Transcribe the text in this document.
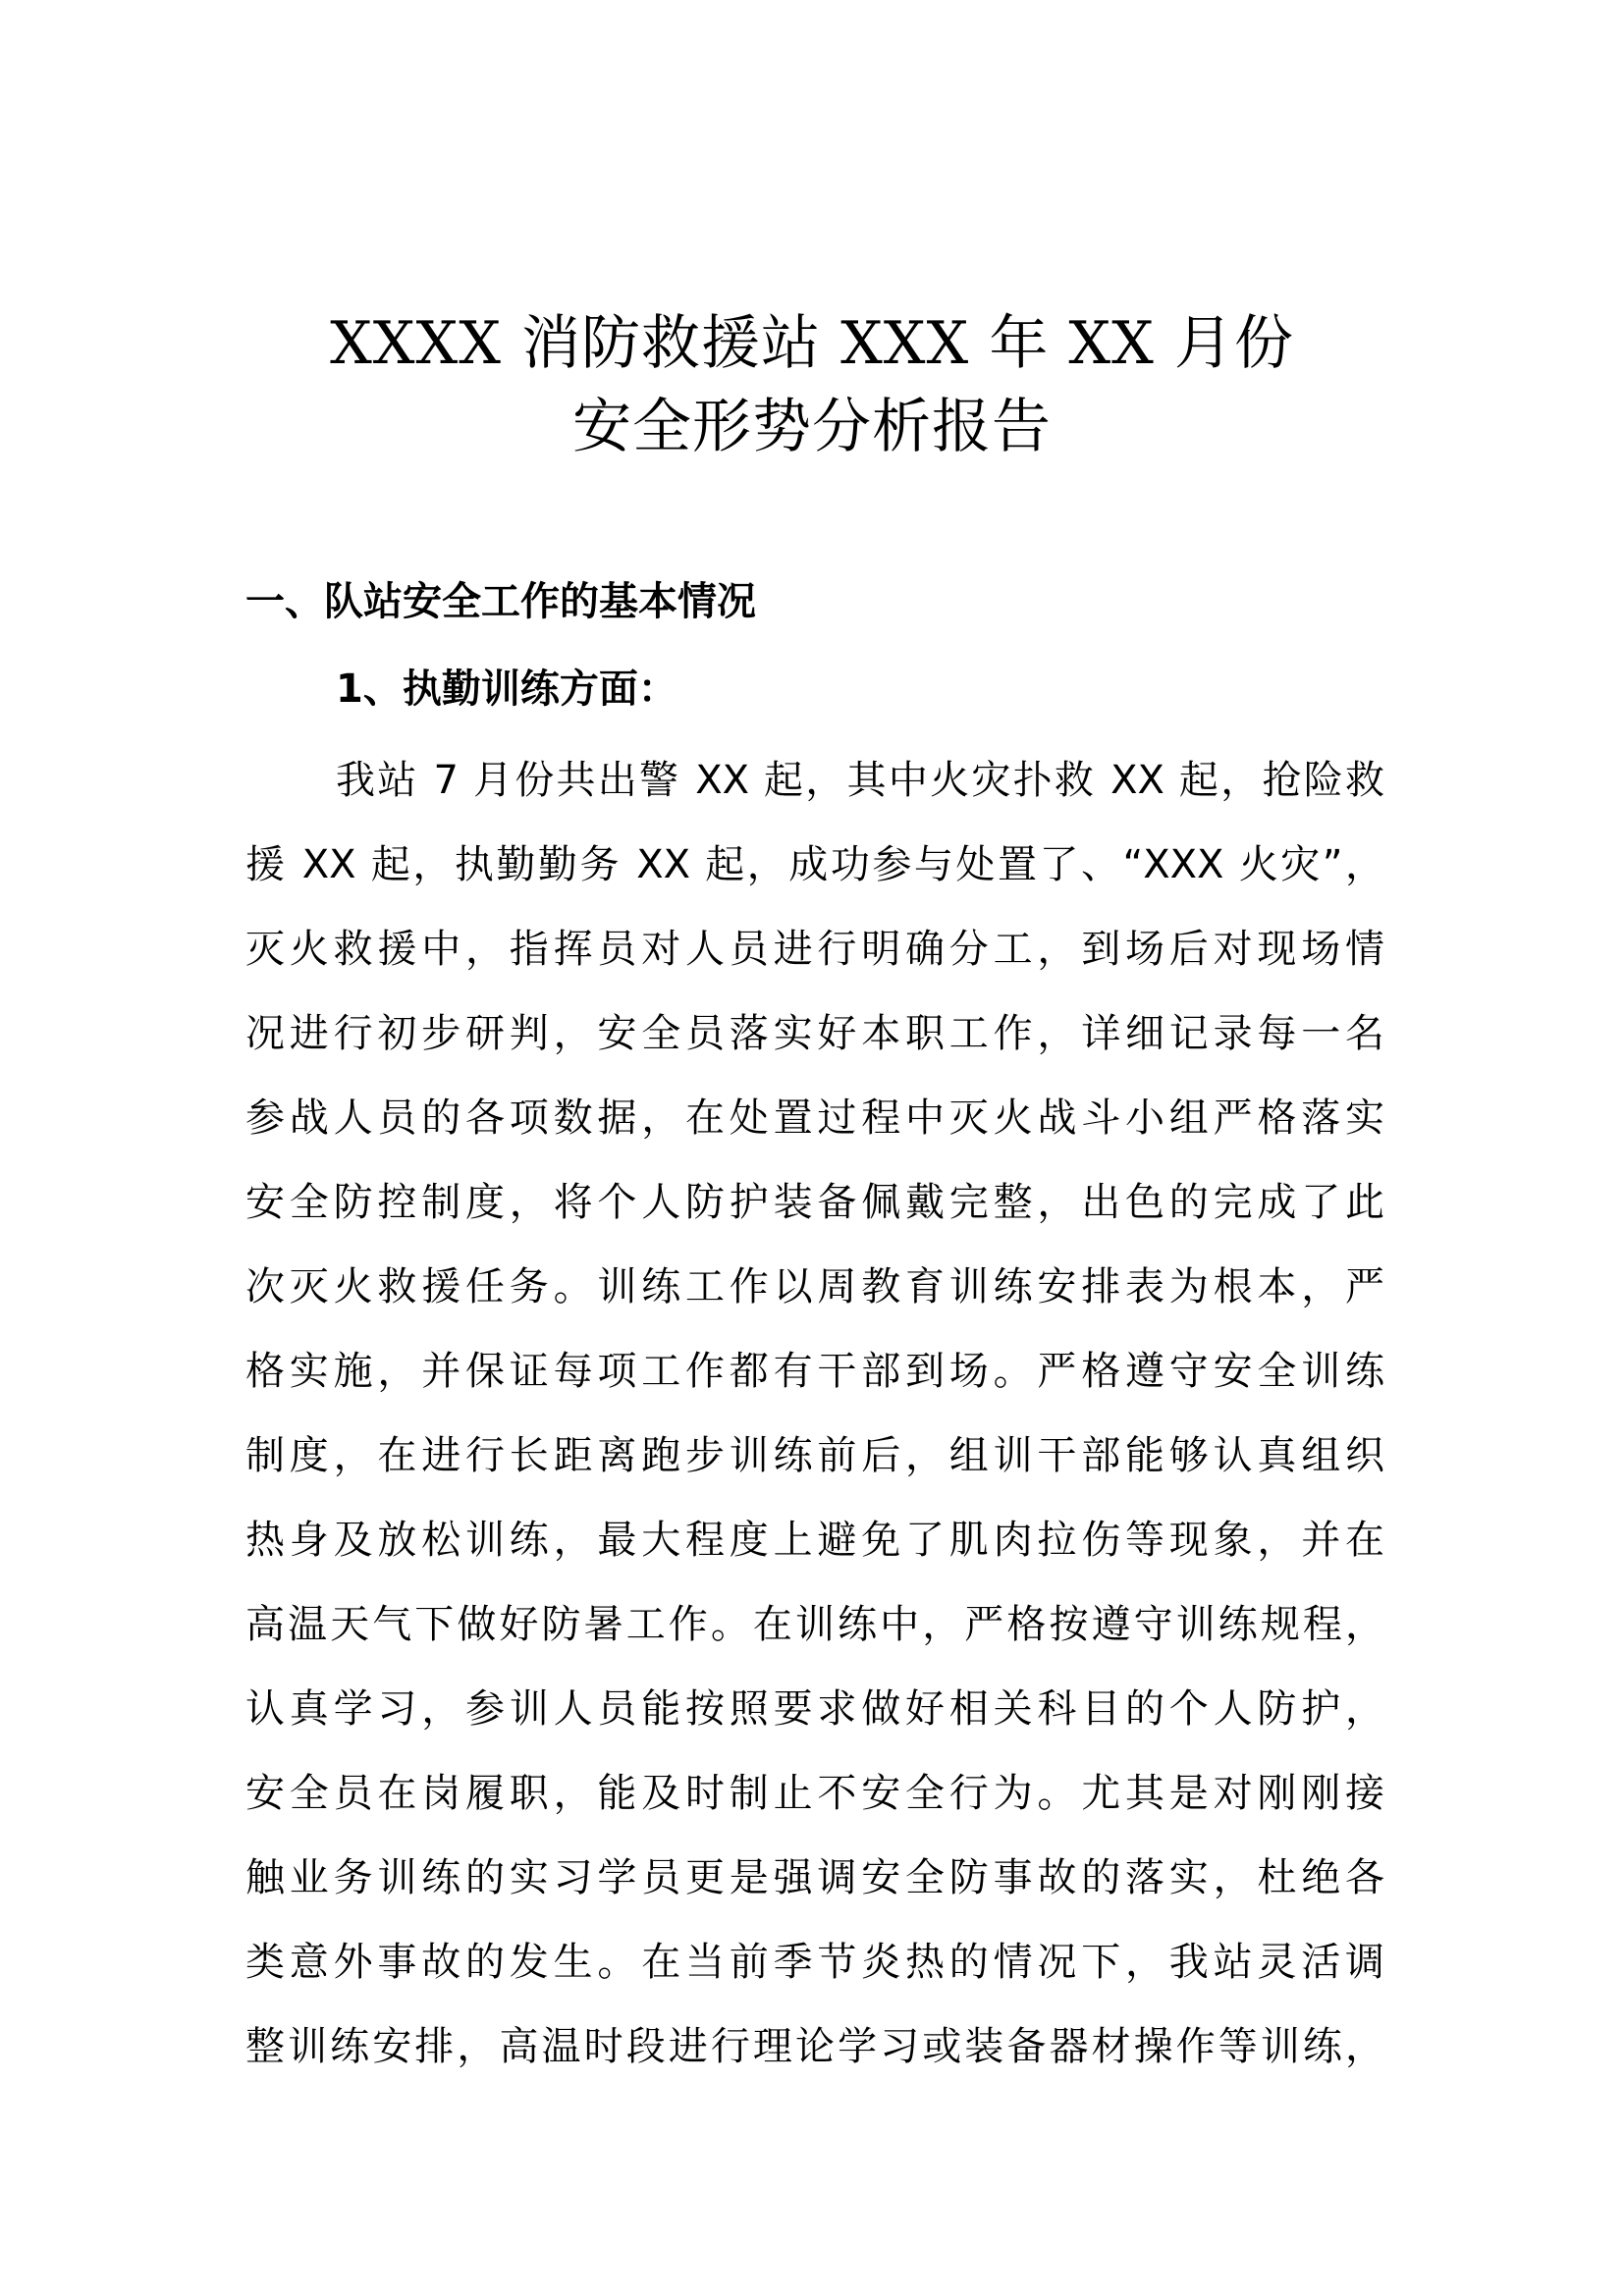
XXXX 消防救援站 XXX 年 XX 月份
安全形势分析报告
一、队站安全工作的基本情况
1、执勤训练方面：
我站 7 月份共出警 XX 起，其中火灾扑救 XX 起，抢险救
援 XX 起，执勤勤务 XX 起，成功参与处置了、“XXX 火灾”，
灭火救援中，指挥员对人员进行明确分工，到场后对现场情
况进行初步研判，安全员落实好本职工作，详细记录每一名
参战人员的各项数据，在处置过程中灭火战斗小组严格落实
安全防控制度，将个人防护装备佩戴完整，出色的完成了此
次灭火救援任务。训练工作以周教育训练安排表为根本，严
格实施，并保证每项工作都有干部到场。严格遵守安全训练
制度，在进行长距离跑步训练前后，组训干部能够认真组织
热身及放松训练，最大程度上避免了肌肉拉伤等现象，并在
高温天气下做好防暑工作。在训练中，严格按遵守训练规程，
认真学习，参训人员能按照要求做好相关科目的个人防护，
安全员在岗履职，能及时制止不安全行为。尤其是对刚刚接
触业务训练的实习学员更是强调安全防事故的落实，杜绝各
类意外事故的发生。在当前季节炎热的情况下，我站灵活调
整训练安排，高温时段进行理论学习或装备器材操作等训练，
